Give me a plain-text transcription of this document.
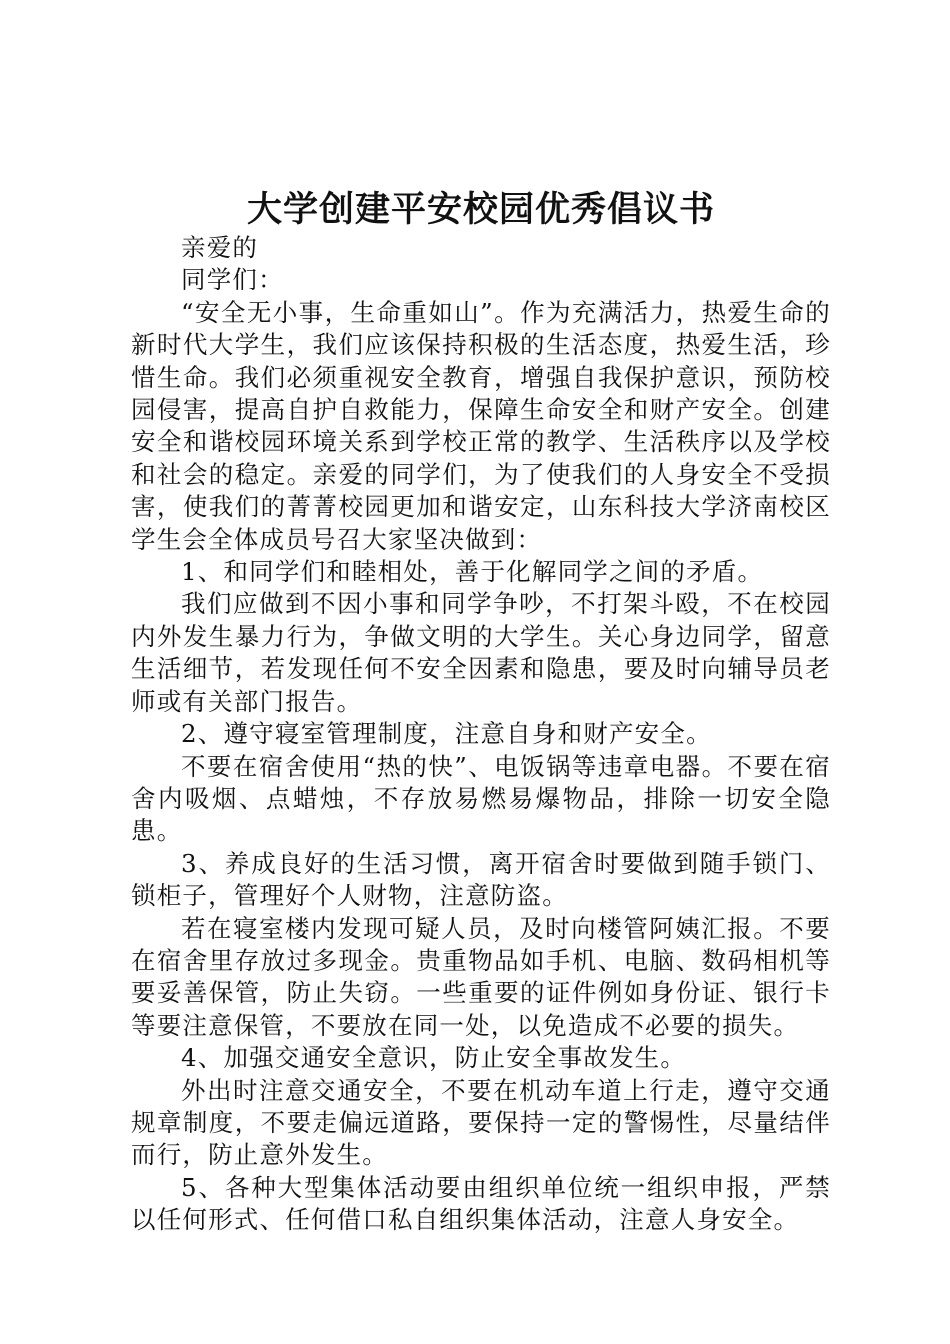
大学创建平安校园优秀倡议书

亲爱的

同学们：

“安全无小事，生命重如山”。作为充满活力，热爱生命的新时代大学生，我们应该保持积极的生活态度，热爱生活，珍惜生命。我们必须重视安全教育，增强自我保护意识，预防校园侵害，提高自护自救能力，保障生命安全和财产安全。创建安全和谐校园环境关系到学校正常的教学、生活秩序以及学校和社会的稳定。亲爱的同学们，为了使我们的人身安全不受损害，使我们的菁菁校园更加和谐安定，山东科技大学济南校区学生会全体成员号召大家坚决做到：

1、和同学们和睦相处，善于化解同学之间的矛盾。

我们应做到不因小事和同学争吵，不打架斗殴，不在校园内外发生暴力行为，争做文明的大学生。关心身边同学，留意生活细节，若发现任何不安全因素和隐患，要及时向辅导员老师或有关部门报告。

2、遵守寝室管理制度，注意自身和财产安全。

不要在宿舍使用“热的快”、电饭锅等违章电器。不要在宿舍内吸烟、点蜡烛，不存放易燃易爆物品，排除一切安全隐患。

3、养成良好的生活习惯，离开宿舍时要做到随手锁门、锁柜子，管理好个人财物，注意防盗。

若在寝室楼内发现可疑人员，及时向楼管阿姨汇报。不要在宿舍里存放过多现金。贵重物品如手机、电脑、数码相机等要妥善保管，防止失窃。一些重要的证件例如身份证、银行卡等要注意保管，不要放在同一处，以免造成不必要的损失。

4、加强交通安全意识，防止安全事故发生。

外出时注意交通安全，不要在机动车道上行走，遵守交通规章制度，不要走偏远道路，要保持一定的警惕性，尽量结伴而行，防止意外发生。

5、各种大型集体活动要由组织单位统一组织申报，严禁以任何形式、任何借口私自组织集体活动，注意人身安全。
